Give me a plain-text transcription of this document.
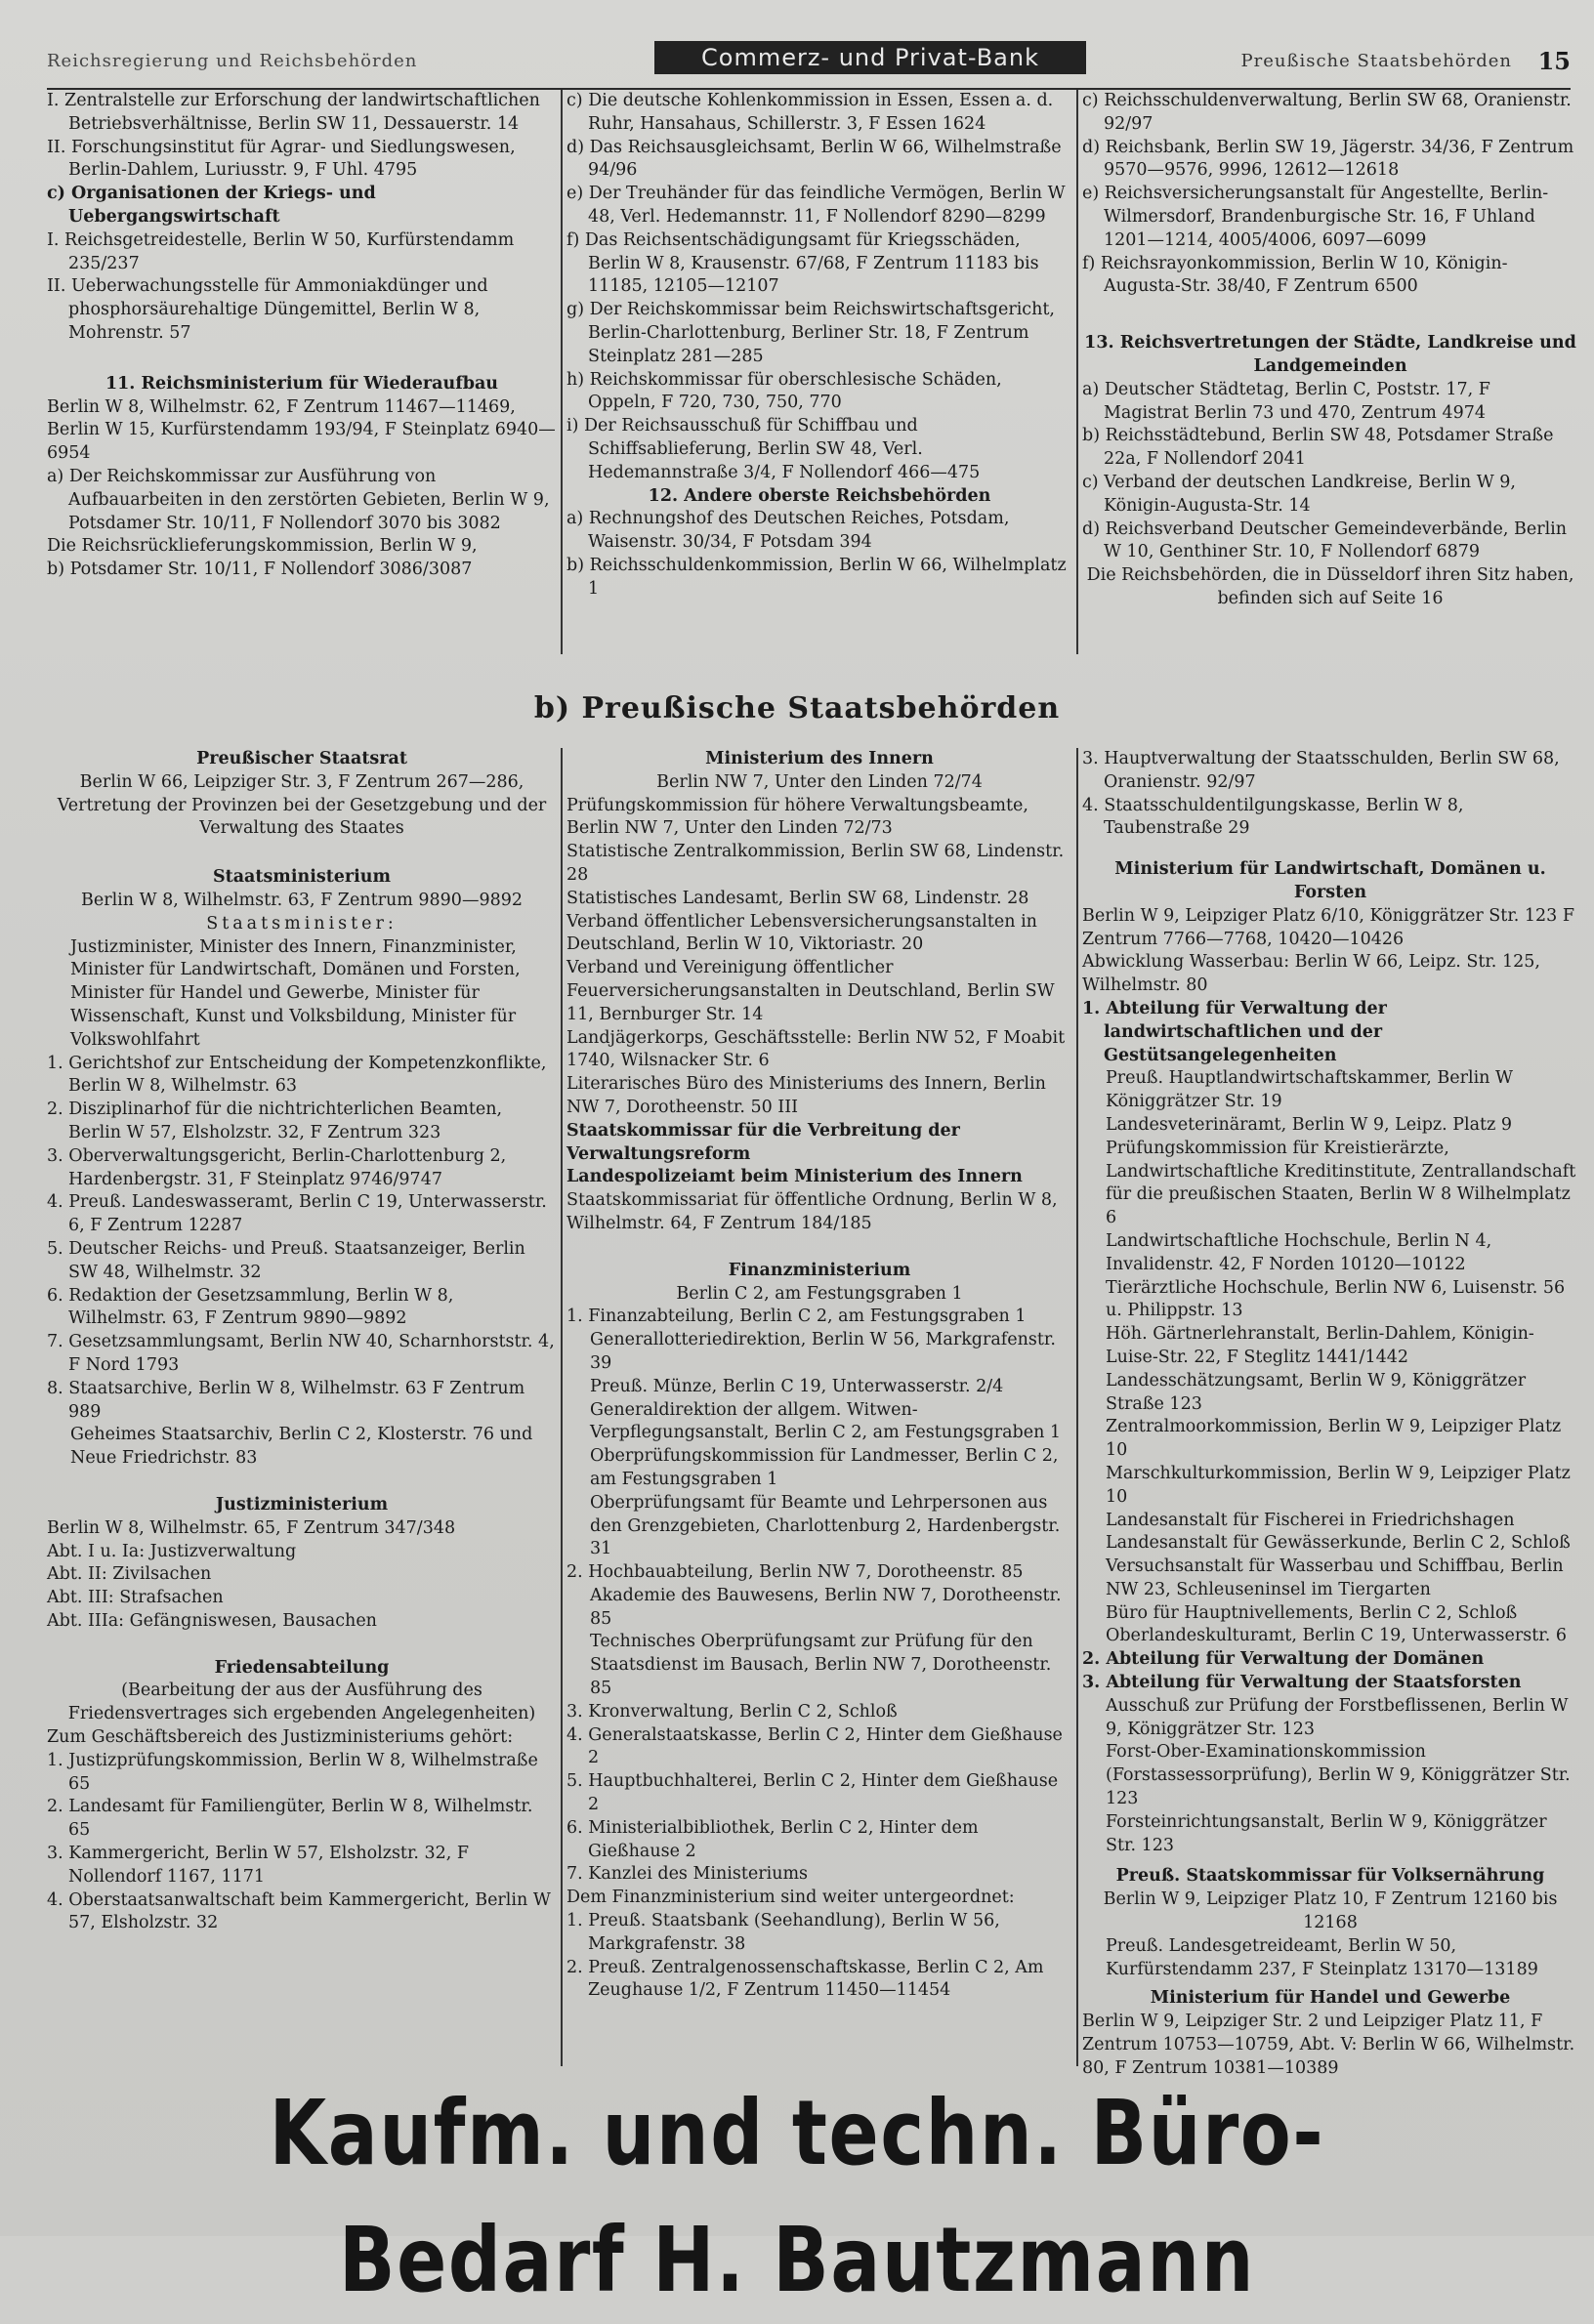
Reichsregierung und Reichsbehörden	Commerz- und Privat-Bank	Preußische Staatsbehörden 15

I. Zentralstelle zur Erforschung der landwirtschaftlichen Betriebsverhältnisse, Berlin SW 11, Dessauerstr. 14

II. Forschungsinstitut für Agrar- und Siedlungswesen, Berlin-Dahlem, Luriusstr. 9, F Uhl. 4795

c) Organisationen der Kriegs- und Uebergangswirtschaft

I. Reichsgetreidestelle, Berlin W 50, Kurfürstendamm 235/237

II. Ueberwachungsstelle für Ammoniakdünger und phosphorsäurehaltige Düngemittel, Berlin W 8, Mohrenstr. 57

11. Reichsministerium für Wiederaufbau

Berlin W 8, Wilhelmstr. 62, F Zentrum 11467—11469, Berlin W 15, Kurfürstendamm 193/94, F Steinplatz 6940—6954

a) Der Reichskommissar zur Ausführung von Aufbauarbeiten in den zerstörten Gebieten, Berlin W 9, Potsdamer Str. 10/11, F Nollendorf 3070 bis 3082

Die Reichsrücklieferungskommission, Berlin W 9,

b) Potsdamer Str. 10/11, F Nollendorf 3086/3087

c) Die deutsche Kohlenkommission in Essen, Essen a. d. Ruhr, Hansahaus, Schillerstr. 3, F Essen 1624

d) Das Reichsausgleichsamt, Berlin W 66, Wilhelmstraße 94/96

e) Der Treuhänder für das feindliche Vermögen, Berlin W 48, Verl. Hedemannstr. 11, F Nollendorf 8290—8299

f) Das Reichsentschädigungsamt für Kriegsschäden, Berlin W 8, Krausenstr. 67/68, F Zentrum 11183 bis 11185, 12105—12107

g) Der Reichskommissar beim Reichswirtschaftsgericht, Berlin-Charlottenburg, Berliner Str. 18, F Zentrum Steinplatz 281—285

h) Reichskommissar für oberschlesische Schäden, Oppeln, F 720, 730, 750, 770

i) Der Reichsausschuß für Schiffbau und Schiffsablieferung, Berlin SW 48, Verl. Hedemannstraße 3/4, F Nollendorf 466—475

12. Andere oberste Reichsbehörden

a) Rechnungshof des Deutschen Reiches, Potsdam, Waisenstr. 30/34, F Potsdam 394

b) Reichsschuldenkommission, Berlin W 66, Wilhelmplatz 1

c) Reichsschuldenverwaltung, Berlin SW 68, Oranienstr. 92/97

d) Reichsbank, Berlin SW 19, Jägerstr. 34/36, F Zentrum 9570—9576, 9996, 12612—12618

e) Reichsversicherungsanstalt für Angestellte, Berlin-Wilmersdorf, Brandenburgische Str. 16, F Uhland 1201—1214, 4005/4006, 6097—6099

f) Reichsrayonkommission, Berlin W 10, Königin-Augusta-Str. 38/40, F Zentrum 6500

13. Reichsvertretungen der Städte, Landkreise und Landgemeinden

a) Deutscher Städtetag, Berlin C, Poststr. 17, F Magistrat Berlin 73 und 470, Zentrum 4974

b) Reichsstädtebund, Berlin SW 48, Potsdamer Straße 22a, F Nollendorf 2041

c) Verband der deutschen Landkreise, Berlin W 9, Königin-Augusta-Str. 14

d) Reichsverband Deutscher Gemeindeverbände, Berlin W 10, Genthiner Str. 10, F Nollendorf 6879

Die Reichsbehörden, die in Düsseldorf ihren Sitz haben, befinden sich auf Seite 16

b) Preußische Staatsbehörden

Preußischer Staatsrat

Berlin W 66, Leipziger Str. 3, F Zentrum 267—286, Vertretung der Provinzen bei der Gesetzgebung und der Verwaltung des Staates

Staatsministerium

Berlin W 8, Wilhelmstr. 63, F Zentrum 9890—9892

Staatsminister:

Justizminister, Minister des Innern, Finanzminister, Minister für Landwirtschaft, Domänen und Forsten, Minister für Handel und Gewerbe, Minister für Wissenschaft, Kunst und Volksbildung, Minister für Volkswohlfahrt

1. Gerichtshof zur Entscheidung der Kompetenzkonflikte, Berlin W 8, Wilhelmstr. 63

2. Disziplinarhof für die nichtrichterlichen Beamten, Berlin W 57, Elsholzstr. 32, F Zentrum 323

3. Oberverwaltungsgericht, Berlin-Charlottenburg 2, Hardenbergstr. 31, F Steinplatz 9746/9747

4. Preuß. Landeswasseramt, Berlin C 19, Unterwasserstr. 6, F Zentrum 12287

5. Deutscher Reichs- und Preuß. Staatsanzeiger, Berlin SW 48, Wilhelmstr. 32

6. Redaktion der Gesetzsammlung, Berlin W 8, Wilhelmstr. 63, F Zentrum 9890—9892

7. Gesetzsammlungsamt, Berlin NW 40, Scharnhorststr. 4, F Nord 1793

8. Staatsarchive, Berlin W 8, Wilhelmstr. 63 F Zentrum 989

Geheimes Staatsarchiv, Berlin C 2, Klosterstr. 76 und Neue Friedrichstr. 83

Justizministerium

Berlin W 8, Wilhelmstr. 65, F Zentrum 347/348

Abt. I u. Ia: Justizverwaltung

Abt. II: Zivilsachen

Abt. III: Strafsachen

Abt. IIIa: Gefängniswesen, Bausachen

Friedensabteilung

(Bearbeitung der aus der Ausführung des Friedensvertrages sich ergebenden Angelegenheiten)

Zum Geschäftsbereich des Justizministeriums gehört:

1. Justizprüfungskommission, Berlin W 8, Wilhelmstraße 65

2. Landesamt für Familiengüter, Berlin W 8, Wilhelmstr. 65

3. Kammergericht, Berlin W 57, Elsholzstr. 32, F Nollendorf 1167, 1171

4. Oberstaatsanwaltschaft beim Kammergericht, Berlin W 57, Elsholzstr. 32

Ministerium des Innern

Berlin NW 7, Unter den Linden 72/74

Prüfungskommission für höhere Verwaltungsbeamte, Berlin NW 7, Unter den Linden 72/73

Statistische Zentralkommission, Berlin SW 68, Lindenstr. 28

Statistisches Landesamt, Berlin SW 68, Lindenstr. 28

Verband öffentlicher Lebensversicherungsanstalten in Deutschland, Berlin W 10, Viktoriastr. 20

Verband und Vereinigung öffentlicher Feuerversicherungsanstalten in Deutschland, Berlin SW 11, Bernburger Str. 14

Landjägerkorps, Geschäftsstelle: Berlin NW 52, F Moabit 1740, Wilsnacker Str. 6

Literarisches Büro des Ministeriums des Innern, Berlin NW 7, Dorotheenstr. 50 III

Staatskommissar für die Verbreitung der Verwaltungsreform

Landespolizeiamt beim Ministerium des Innern

Staatskommissariat für öffentliche Ordnung, Berlin W 8, Wilhelmstr. 64, F Zentrum 184/185

Finanzministerium

Berlin C 2, am Festungsgraben 1

1. Finanzabteilung, Berlin C 2, am Festungsgraben 1

Generallotteriedirektion, Berlin W 56, Markgrafenstr. 39

Preuß. Münze, Berlin C 19, Unterwasserstr. 2/4

Generaldirektion der allgem. Witwen-Verpflegungsanstalt, Berlin C 2, am Festungsgraben 1

Oberprüfungskommission für Landmesser, Berlin C 2, am Festungsgraben 1

Oberprüfungsamt für Beamte und Lehrpersonen aus den Grenzgebieten, Charlottenburg 2, Hardenbergstr. 31

2. Hochbauabteilung, Berlin NW 7, Dorotheenstr. 85

Akademie des Bauwesens, Berlin NW 7, Dorotheenstr. 85

Technisches Oberprüfungsamt zur Prüfung für den Staatsdienst im Bausach, Berlin NW 7, Dorotheenstr. 85

3. Kronverwaltung, Berlin C 2, Schloß

4. Generalstaatskasse, Berlin C 2, Hinter dem Gießhause 2

5. Hauptbuchhalterei, Berlin C 2, Hinter dem Gießhause 2

6. Ministerialbibliothek, Berlin C 2, Hinter dem Gießhause 2

7. Kanzlei des Ministeriums

Dem Finanzministerium sind weiter untergeordnet:

1. Preuß. Staatsbank (Seehandlung), Berlin W 56, Markgrafenstr. 38

2. Preuß. Zentralgenossenschaftskasse, Berlin C 2, Am Zeughause 1/2, F Zentrum 11450—11454

3. Hauptverwaltung der Staatsschulden, Berlin SW 68, Oranienstr. 92/97

4. Staatsschuldentilgungskasse, Berlin W 8, Taubenstraße 29

Ministerium für Landwirtschaft, Domänen u. Forsten

Berlin W 9, Leipziger Platz 6/10, Königgrätzer Str. 123 F Zentrum 7766—7768, 10420—10426

Abwicklung Wasserbau: Berlin W 66, Leipz. Str. 125, Wilhelmstr. 80

1. Abteilung für Verwaltung der landwirtschaftlichen und der Gestütsangelegenheiten

Preuß. Hauptlandwirtschaftskammer, Berlin W Königgrätzer Str. 19

Landesveterinäramt, Berlin W 9, Leipz. Platz 9

Prüfungskommission für Kreistierärzte,

Landwirtschaftliche Kreditinstitute, Zentrallandschaft für die preußischen Staaten, Berlin W 8 Wilhelmplatz 6

Landwirtschaftliche Hochschule, Berlin N 4, Invalidenstr. 42, F Norden 10120—10122

Tierärztliche Hochschule, Berlin NW 6, Luisenstr. 56 u. Philippstr. 13

Höh. Gärtnerlehranstalt, Berlin-Dahlem, Königin-Luise-Str. 22, F Steglitz 1441/1442

Landesschätzungsamt, Berlin W 9, Königgrätzer Straße 123

Zentralmoorkommission, Berlin W 9, Leipziger Platz 10

Marschkulturkommission, Berlin W 9, Leipziger Platz 10

Landesanstalt für Fischerei in Friedrichshagen

Landesanstalt für Gewässerkunde, Berlin C 2, Schloß

Versuchsanstalt für Wasserbau und Schiffbau, Berlin NW 23, Schleuseninsel im Tiergarten

Büro für Hauptnivellements, Berlin C 2, Schloß

Oberlandeskulturamt, Berlin C 19, Unterwasserstr. 6

2. Abteilung für Verwaltung der Domänen

3. Abteilung für Verwaltung der Staatsforsten

Ausschuß zur Prüfung der Forstbeflissenen, Berlin W 9, Königgrätzer Str. 123

Forst-Ober-Examinationskommission (Forstassessorprüfung), Berlin W 9, Königgrätzer Str. 123

Forsteinrichtungsanstalt, Berlin W 9, Königgrätzer Str. 123

Preuß. Staatskommissar für Volksernährung

Berlin W 9, Leipziger Platz 10, F Zentrum 12160 bis 12168

Preuß. Landesgetreideamt, Berlin W 50, Kurfürstendamm 237, F Steinplatz 13170—13189

Ministerium für Handel und Gewerbe

Berlin W 9, Leipziger Str. 2 und Leipziger Platz 11, F Zentrum 10753—10759, Abt. V: Berlin W 66, Wilhelmstr. 80, F Zentrum 10381—10389

Kaufm. und techn. Büro-Bedarf H. Bautzmann
